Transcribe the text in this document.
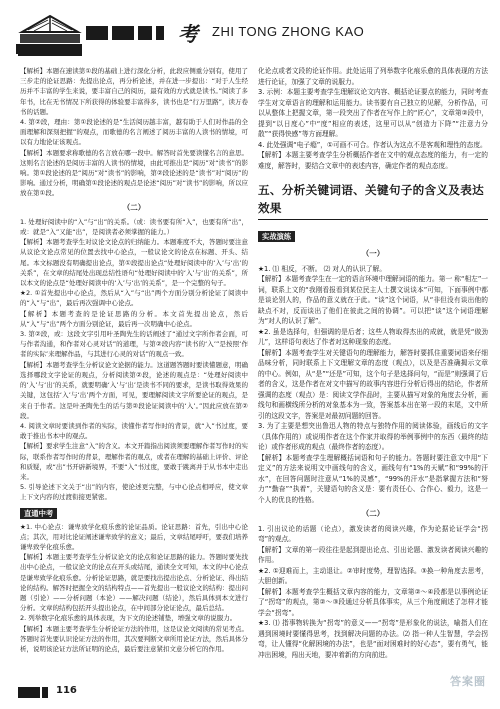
考 ZHI TONG ZHONG KAO

【解析】本题在速读第①段的基础上进行深化分析，此段应侧重分别有，使用了三步走的论证思路：先提出论点，再分析论述，并在进一步提出：“对于人生经历并不丰富的学生来说，要丰富自己的阅历，最有效的方式就是读书。”阅读了多年书，比在无书情况下所获得的体验要丰富得多，读书也是“行万里路”，读万卷书的话题。

4. 第②段，理由：第①段论述的是“生活阅历越丰富，越有助于人们对作品的全面理解和深刻把握”的观点，而歌德的名言阐述了阅历丰富的人读书的情境，可以有力地论证该观点。

【解析】本题要求称歌德的名言放在哪一段中。解答时首先要读懂名言的意思。这则名言论述的是阅历丰富的人读书的情境，由此可推出是“阅历”对“读书”的影响。第①段论述的是“阅历”对“读书”的影响，第②段论述的是“读书”对“阅历”的影响。通过分析，明确第①段论述的观点是论述“阅历”对“读书”的影响，所以应放在第①段。

（二）

1. 处理好阅读中的“入”与“出”的关系。（或：读书要有所“入”，也要有所“出”，或：就是“入”又能“出”，是阅读者必须掌握的能力。）

【解析】本题考查学生对议论文论点的归纳能力。本题难度不大，答题时要注意从议论文论点常见的位置去找中心论点，一般议论文的论点在标题、开头、结尾。本文标题没有明确提出论点，第①段提出论点“处理好阅读中的‘入’与‘出’的关系”，在文章的结尾处出现总结性语句“处理好阅读中的‘入’与‘出’的关系”，所以本文的论点是“处理好阅读中的‘入’与‘出’的关系”，是一个完整的句子。

★2. ①首先提出中心论点，然后从“入”与“出”两个方面分别分析论证了阅读中的“入”与“出”，最后再次强调中心论点。

【解析】本题考查的是论证思路的分析。本文首先提出论点，然后从“入”与“出”两个方面分别论证，最后再一次明确中心论点。

3. 第②段，或：这段文字引用叶圣陶先生的话阐述了“通过文字所作者会面，可与作者沟通，和作者对心灵对话”的道理，与第②段内容“读书的‘入’”是按照‘作者的实际’来理解作品，与其进行心灵的对话”的观点一致。

【解析】本题考查学生分析议论文论据的能力。这道题答题时要读懂题意，明确选择哪段文字论证的观点，分析阅读第②段，论述的观点是：“处理好阅读中的‘入’与‘出’的关系，就要明确‘入’与‘出’是读书不同的要求，是读书取得效果的关键，这包括‘入’与‘出’两个方面，可见，要理解阅读文字所要论证的观点，是来自于作者。这是叶圣陶先生的话与第②段论证阅读中的‘入’。”因此应放在第②段。

4. 阅读文章时要读到作者的实际，读懂作者写作时的背景，就“入”书过度，要敢于推出书本中的观点。

【解析】要求学生注意“入”的含义。本文开篇指出阅读须要理解作者写作时的实际，联系作者写作时的背景，理解作者的观点，或者在理解的基础上评价、评论和质疑，或“出”书开辟新境界，不要“入”书过度，要敢于跳离并于从书本中走出来。

5. 引导论述下文关于“出”的内容，使论述更完整，与中心论点相呼应，使文章上下文内容的过渡衔接更紧密。

直通中考

★1. 中心论点：谦卑致学化痕乐愈的论证品质。论证思路：首先，引出中心论点；其次，用对比论证阐述谦卑致学的意义；最后，文章结尾呼吁，要我们培养谦卑致学化痕乐愈。

【解析】本题主要考查学生分析议论文的论点和论证思路的能力。答题时要先找出中心论点，一般议论文的论点在开头或结尾，通读全文可知，本文的中心论点是谦卑致学化痕乐愈。分析论证思路，就是要找出提出论点、分析论证、得出结论的结构。解答时把握全文的结构特点——首先提出一般议论文的结构：提出问题（引论）——分析问题（本论）——解决问题（结论），然后具体到本文进行分析。文章的结构包括开头提出论点，在中间部分论证论点，最后总结。

2. 列举数字化痕乐愈的具体表现，为下文的论述铺垫，增强文章的说服力。

【解析】本题主要考查学生分析论证方法的作用，这是议论文阅读的常见考点。答题时首先要认识论证方法的作用，其次要判断文章所用论证方法，然后具体分析，说明该论证方法所证明的论点，最后要注意紧扣文意分析它的作用。

化论点或者文段的论证作用。此处运用了列举数字化痕乐愈的具体表现的方法进行论证，加强了文章的说服力。

3. 示例：本题主要考查学生理解议论文内容、概括论证要点的能力，同时考查学生对文章语言的理解和运用能力。读书要有自己独立的见解，分析作品，可以从整体上把握文章，第一段突出了作者在写作上的“匠心”，文章第②段中，提到“以日度心”中“度”相应的表述，这里可以从“创造力下降”“注意力分散”“获得快感”等方面理解。

4. 此处强调“电子瘾”，①可画不可合。作者认为这点不是客观和理性的态度。

【解析】本题主要考查学生分析概括作者在文中的观点态度的能力，有一定的难度，解答时，要结合文章中的表述内容，确定作者的观点态度。

五、分析关键词语、关键句子的含义及表达效果
实战演练
（一）

★1. ⑴ 相反，不断。 ⑵ 对人的认识了解。

【解析】本题考查学生在一定的语言环境中理解词语的能力。第一 称“相左”一词，联系上文的“我刚看报看到某位民主人士撰文说谈本”可知，下面事例中都是谈论别人的，作品的意义就在于此。“谈”这个词语，从“非但没有谈出他的缺点不对，反而谈出了他们在彼此之间的协调”。可以把“谈”这个词语理解为“对人的认识了解”。

★2. 虽是选择句，但强调的是后者；这些人物取得杰出的成就，就是凭“傲劲儿”，这样语句表达了作者对这种现象的态度。

【解析】本题考查学生对关键语句的理解能力，解答时要抓住重要词语来仔细品味分析，同时联系上下文理解文章的态度（观点），以及是否准确揭示文章的中心。例如，从“是”“还是”可知，这个句子是选择问句，“而是”则强调了后者的含义，这是作者在对文中描写的故事内容进行分析后得出的结论，作者所强调的态度（观点）是：阅读文学作品时，主要从描写对象的角度去分析，画线句和画横线所分析的对象基本为一致，答案基本出在第一段的末尾，文中所引的这段文字，答案是对最初问题的回答。

3. 为了主要是想突出鲁迅人物的特点与独特作用的阅读体验，画线后的文字（具体作用的）或说明作者在这个作家并取得的举例事例中的东西（最终的结论）或作者形成的观点（最终作者的态度）。

【解析】本题考查学生理解概括词语和句子的能力。答题时要注意文中用“下定义”的方法来说明文中画线句的含义，画线句有“1%的天赋”和“99%的汗水”，在回答问题时注意从“1%的灵感”，“99%的汗水”是指掌握方法和“努力”“勤奋”“执着”，关键语句的含义是：要有责任心、合作心、毅力，这是一个人的优良的性格。

（二）

1. 引出议论的话题（论点），激发读者的阅读兴趣，作为论据论证学会“拐弯”的观点。

【解析】文章的第一段往往是起到提出论点、引出论题、激发读者阅读兴趣的作用。

★2. ①迎难而上，主动退让。②审时度势，理智选择。③换一种角度去思考，大胆创新。

【解析】本题考查学生概括文章内容的能力，文章第②～④段都是以事例论证了“拐弯”的观点，第②～③段通过分析具体事实，从三个角度阐述了怎样才能学会“拐弯”。

★3. ⑴ 指事物转换为“拐弯”的意义——“拐弯”是形象化的说法，喻指人们在遇到困境时要懂得思考，找到解决问题的办法。⑵ 指一种人生智慧，学会拐弯，让人懂得“化解困境的办法”，也是“面对困难时的好心态”，要有勇气，能冲出困境，闯出天地，要冲着新的方向前进。

116
答案圈
